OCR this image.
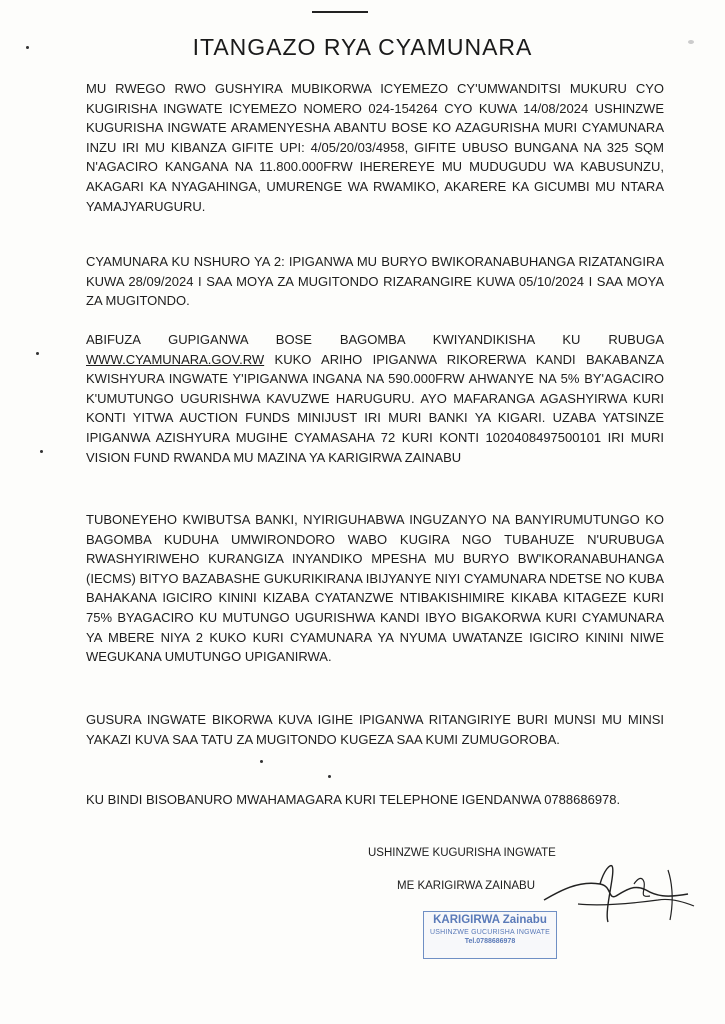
ITANGAZO RYA CYAMUNARA

MU RWEGO RWO GUSHYIRA MUBIKORWA ICYEMEZO CY'UMWANDITSI MUKURU CYO KUGIRISHA INGWATE ICYEMEZO NOMERO 024-154264 CYO KUWA 14/08/2024 USHINZWE KUGURISHA INGWATE ARAMENYESHA ABANTU BOSE KO AZAGURISHA MURI CYAMUNARA INZU IRI MU KIBANZA GIFITE UPI: 4/05/20/03/4958, GIFITE UBUSO BUNGANA NA 325 SQM N'AGACIRO KANGANA NA 11.800.000FRW IHEREREYE MU MUDUGUDU WA KABUSUNZU, AKAGARI KA NYAGAHINGA, UMURENGE WA RWAMIKO, AKARERE KA GICUMBI MU NTARA YAMAJYARUGURU.

CYAMUNARA KU NSHURO YA 2: IPIGANWA MU BURYO BWIKORANABUHANGA RIZATANGIRA KUWA 28/09/2024 I SAA MOYA ZA MUGITONDO RIZARANGIRE KUWA 05/10/2024 I SAA MOYA ZA MUGITONDO.

ABIFUZA GUPIGANWA BOSE BAGOMBA KWIYANDIKISHA KU RUBUGA WWW.CYAMUNARA.GOV.RW KUKO ARIHO IPIGANWA RIKORERWA KANDI BAKABANZA KWISHYURA INGWATE Y'IPIGANWA INGANA NA 590.000FRW AHWANYE NA 5% BY'AGACIRO K'UMUTUNGO UGURISHWA KAVUZWE HARUGURU. AYO MAFARANGA AGASHYIRWA KURI KONTI YITWA AUCTION FUNDS MINIJUST IRI MURI BANKI YA KIGARI. UZABA YATSINZE IPIGANWA AZISHYURA MUGIHE CYAMASAHA 72 KURI KONTI 1020408497500101 IRI MURI VISION FUND RWANDA MU MAZINA YA KARIGIRWA ZAINABU

TUBONEYEHO KWIBUTSA BANKI, NYIRIGUHABWA INGUZANYO NA BANYIRUMUTUNGO KO BAGOMBA KUDUHA UMWIRONDORO WABO KUGIRA NGO TUBAHUZE N'URUBUGA RWASHYIRIWEHO KURANGIZA INYANDIKO MPESHA MU BURYO BW'IKORANABUHANGA (IECMS) BITYO BAZABASHE GUKURIKIRANA IBIJYANYE NIYI CYAMUNARA NDETSE NO KUBA BAHAKANA IGICIRO KININI KIZABA CYATANZWE NTIBAKISHIMIRE KIKABA KITAGEZE KURI 75% BYAGACIRO KU MUTUNGO UGURISHWA KANDI IBYO BIGAKORWA KURI CYAMUNARA YA MBERE NIYA 2 KUKO KURI CYAMUNARA YA NYUMA UWATANZE IGICIRO KININI NIWE WEGUKANA UMUTUNGO UPIGANIRWA.

GUSURA INGWATE BIKORWA KUVA IGIHE IPIGANWA RITANGIRIYE BURI MUNSI MU MINSI YAKAZI KUVA SAA TATU ZA MUGITONDO KUGEZA SAA KUMI ZUMUGOROBA.

KU BINDI BISOBANURO MWAHAMAGARA KURI TELEPHONE IGENDANWA 0788686978.

USHINZWE KUGURISHA INGWATE
ME KARIGIRWA ZAINABU
KARIGIRWA Zainabu
USHINZWE GUCURISHA INGWATE
Tel.0788686978
